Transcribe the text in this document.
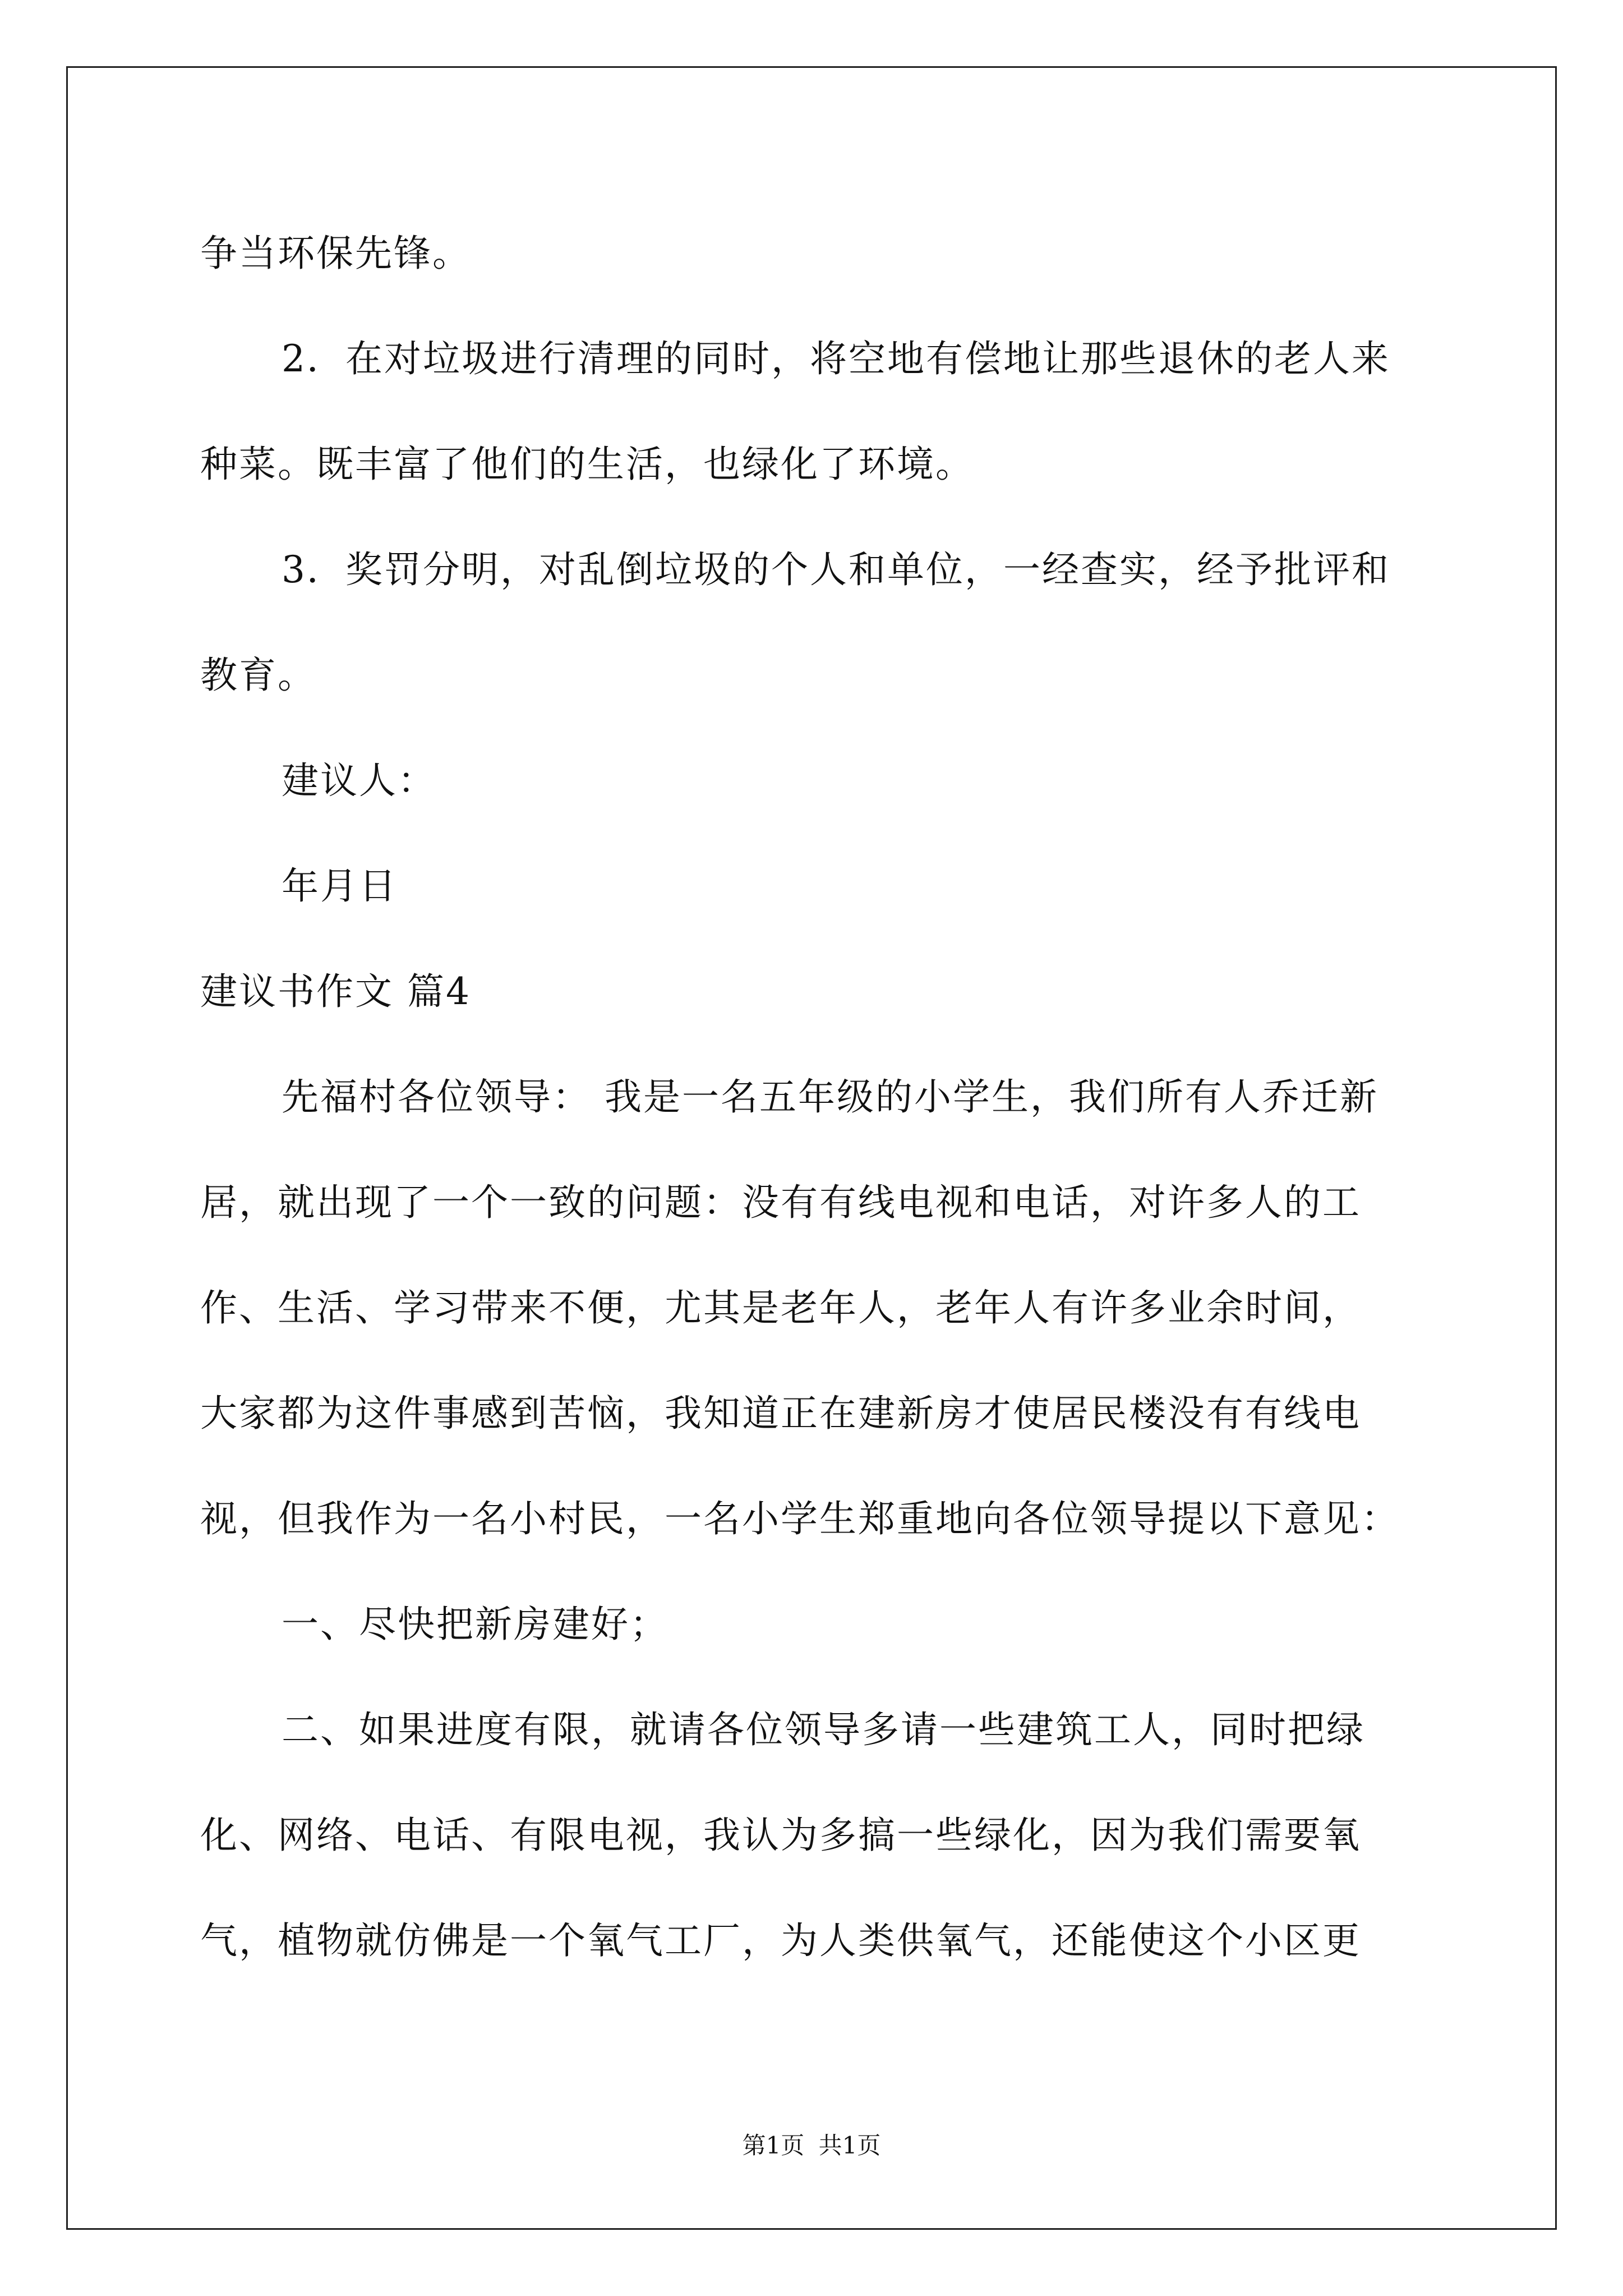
争当环保先锋。
2．在对垃圾进行清理的同时，将空地有偿地让那些退休的老人来
种菜。既丰富了他们的生活，也绿化了环境。
3．奖罚分明，对乱倒垃圾的个人和单位，一经查实，经予批评和
教育。
建议人：
年月日
建议书作文 篇4
先福村各位领导： 我是一名五年级的小学生，我们所有人乔迁新
居，就出现了一个一致的问题：没有有线电视和电话，对许多人的工
作、生活、学习带来不便，尤其是老年人，老年人有许多业余时间，
大家都为这件事感到苦恼，我知道正在建新房才使居民楼没有有线电
视，但我作为一名小村民，一名小学生郑重地向各位领导提以下意见：
一、尽快把新房建好；
二、如果进度有限，就请各位领导多请一些建筑工人，同时把绿
化、网络、电话、有限电视，我认为多搞一些绿化，因为我们需要氧
气，植物就仿佛是一个氧气工厂，为人类供氧气，还能使这个小区更
第1页 共1页
